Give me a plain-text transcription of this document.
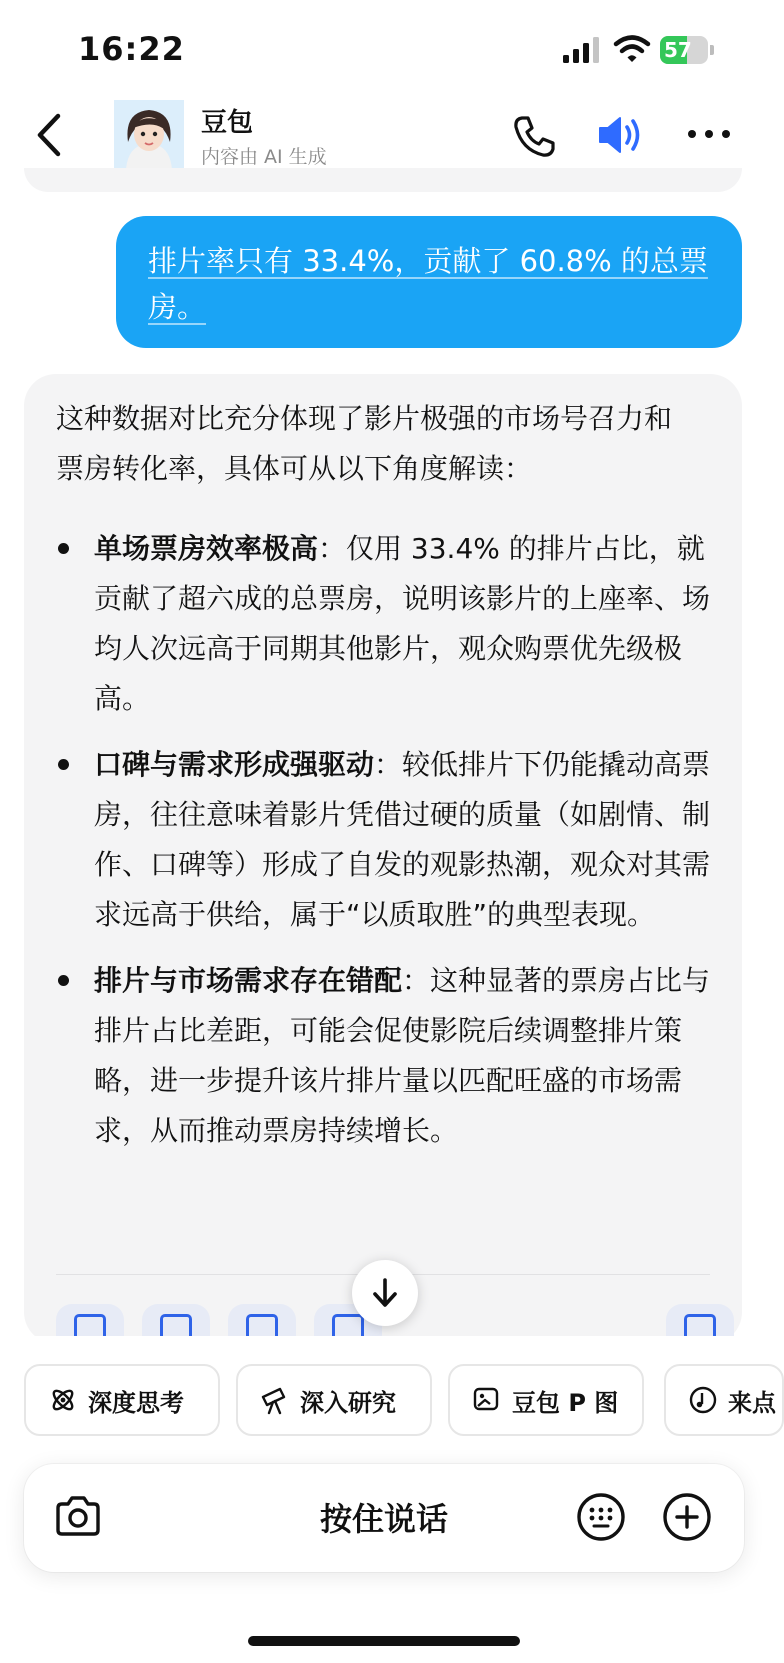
16:22	57
豆包
内容由 AI 生成
排片率只有 33.4%，贡献了 60.8% 的总票房。
这种数据对比充分体现了影片极强的市场号召力和票房转化率，具体可从以下角度解读：
单场票房效率极高：仅用 33.4% 的排片占比，就贡献了超六成的总票房，说明该影片的上座率、场均人次远高于同期其他影片，观众购票优先级极高。
口碑与需求形成强驱动：较低排片下仍能撬动高票房，往往意味着影片凭借过硬的质量（如剧情、制作、口碑等）形成了自发的观影热潮，观众对其需求远高于供给，属于“以质取胜”的典型表现。
排片与市场需求存在错配：这种显著的票房占比与排片占比差距，可能会促使影院后续调整排片策略，进一步提升该片排片量以匹配旺盛的市场需求，从而推动票房持续增长。
深度思考	深入研究	豆包 P 图	来点
按住说话
